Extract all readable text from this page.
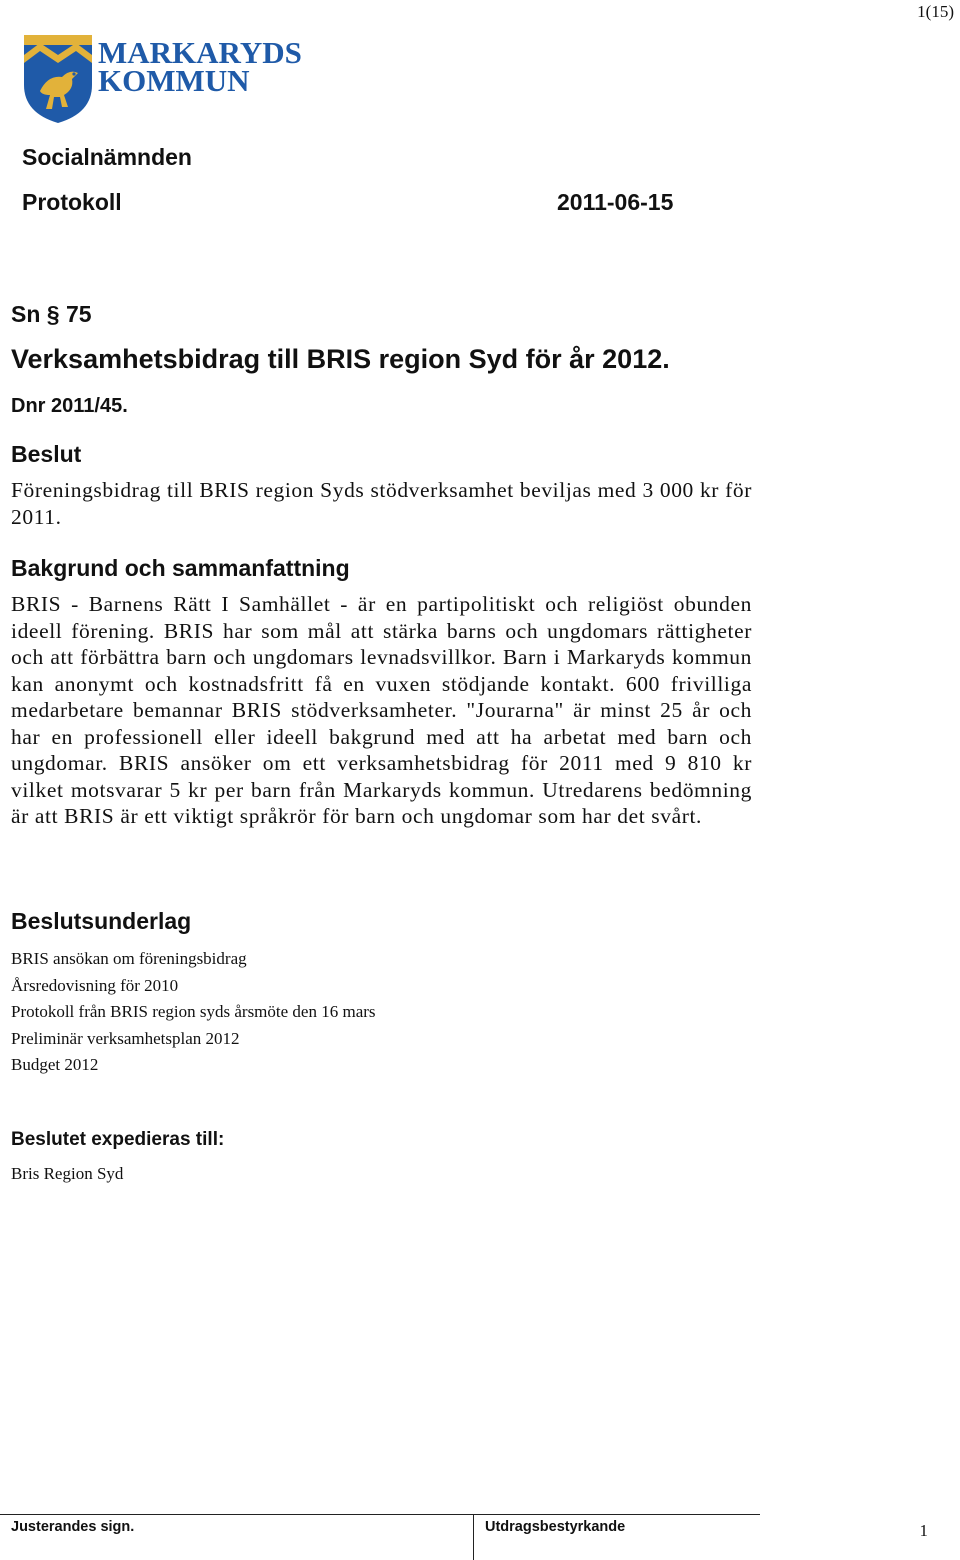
1(15)
MARKARYDS
KOMMUN
Socialnämnden
Protokoll	2011-06-15
Sn § 75
Verksamhetsbidrag till BRIS region Syd för år 2012.
Dnr 2011/45.
Beslut
Föreningsbidrag till BRIS region Syds stödverksamhet beviljas med 3 000 kr för 2011.
Bakgrund och sammanfattning
BRIS - Barnens Rätt I Samhället - är en partipolitiskt och religiöst obunden ideell förening. BRIS har som mål att stärka barns och ungdomars rättigheter och att förbättra barn och ungdomars levnadsvillkor. Barn i Markaryds kommun kan anonymt och kostnadsfritt få en vuxen stödjande kontakt. 600 frivilliga medarbetare bemannar BRIS stödverksamheter. "Jourarna" är minst 25 år och har en professionell eller ideell bakgrund med att ha arbetat med barn och ungdomar. BRIS ansöker om ett verksamhetsbidrag för 2011 med 9 810 kr vilket motsvarar 5 kr per barn från Markaryds kommun. Utredarens bedömning är att BRIS är ett viktigt språkrör för barn och ungdomar som har det svårt.
Beslutsunderlag
BRIS ansökan om föreningsbidrag
Årsredovisning för 2010
Protokoll från BRIS region syds årsmöte den 16 mars
Preliminär verksamhetsplan 2012
Budget 2012
Beslutet expedieras till:
Bris Region Syd
Justerandes sign.	Utdragsbestyrkande	1
